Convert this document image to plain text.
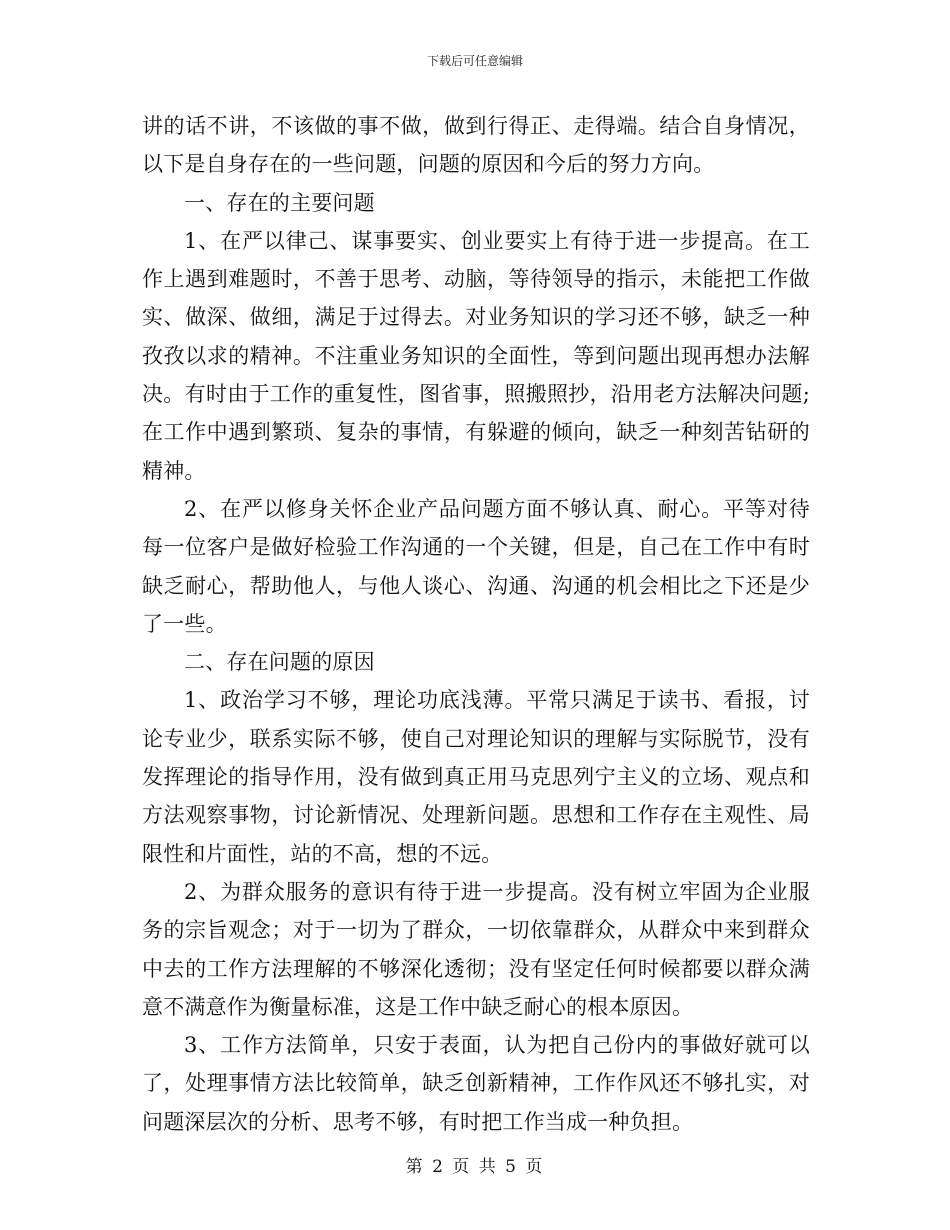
下载后可任意编辑

讲的话不讲，不该做的事不做，做到行得正、走得端。结合自身情况，以下是自身存在的一些问题，问题的原因和今后的努力方向。

一、存在的主要问题

1、在严以律己、谋事要实、创业要实上有待于进一步提高。在工作上遇到难题时，不善于思考、动脑，等待领导的指示，未能把工作做实、做深、做细，满足于过得去。对业务知识的学习还不够，缺乏一种孜孜以求的精神。不注重业务知识的全面性，等到问题出现再想办法解决。有时由于工作的重复性，图省事，照搬照抄，沿用老方法解决问题;在工作中遇到繁琐、复杂的事情，有躲避的倾向，缺乏一种刻苦钻研的精神。

2、在严以修身关怀企业产品问题方面不够认真、耐心。平等对待每一位客户是做好检验工作沟通的一个关键，但是，自己在工作中有时缺乏耐心，帮助他人，与他人谈心、沟通、沟通的机会相比之下还是少了一些。

二、存在问题的原因

1、政治学习不够，理论功底浅薄。平常只满足于读书、看报，讨论专业少，联系实际不够，使自己对理论知识的理解与实际脱节，没有发挥理论的指导作用，没有做到真正用马克思列宁主义的立场、观点和方法观察事物，讨论新情况、处理新问题。思想和工作存在主观性、局限性和片面性，站的不高，想的不远。

2、为群众服务的意识有待于进一步提高。没有树立牢固为企业服务的宗旨观念；对于一切为了群众，一切依靠群众，从群众中来到群众中去的工作方法理解的不够深化透彻；没有坚定任何时候都要以群众满意不满意作为衡量标准，这是工作中缺乏耐心的根本原因。

3、工作方法简单，只安于表面，认为把自己份内的事做好就可以了，处理事情方法比较简单，缺乏创新精神，工作作风还不够扎实，对问题深层次的分析、思考不够，有时把工作当成一种负担。

第 2 页 共 5 页
